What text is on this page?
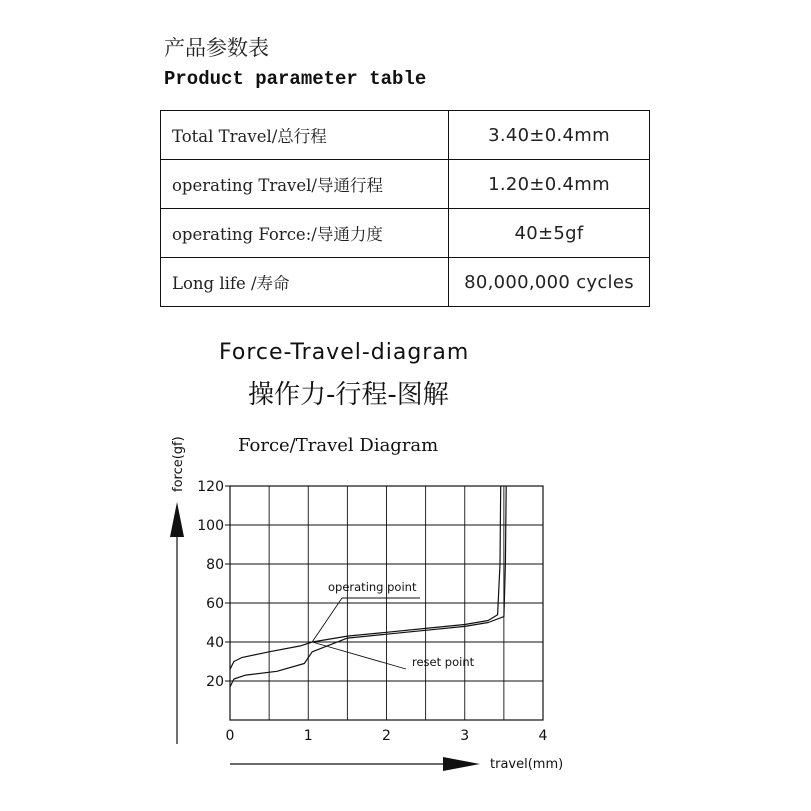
产品参数表
Product parameter table
Total Travel/总行程	3.40±0.4mm
operating Travel/导通行程	1.20±0.4mm
operating Force:/导通力度	40±5gf
Long life /寿命	80,000,000 cycles
Force-Travel-diagram
操作力-行程-图解
Force/Travel Diagram
force(gf)
travel(mm)
20
40
60
80
100
120
0	1	2	3	4
operating point
reset point
